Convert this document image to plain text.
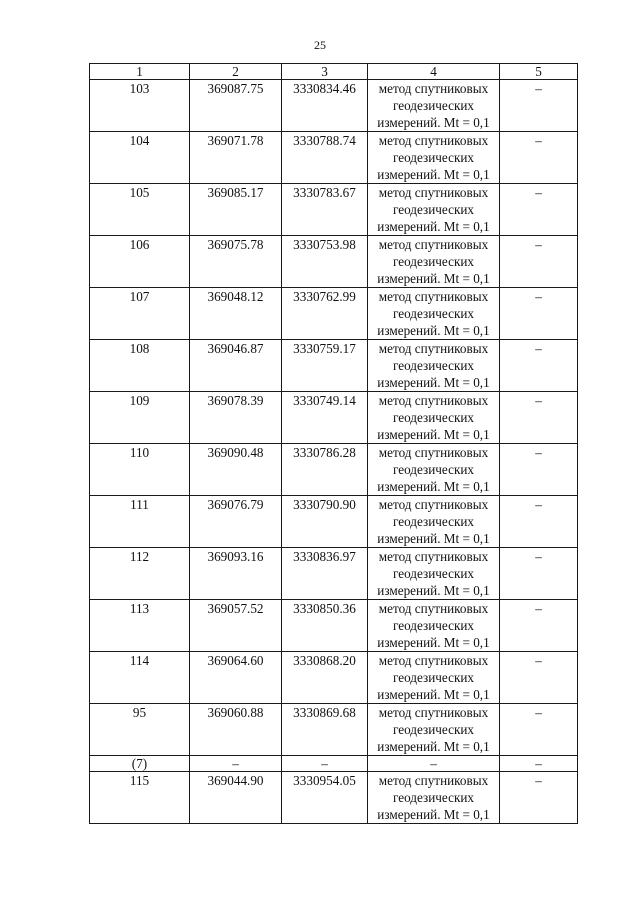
25
1	2	3	4	5
103	369087.75	3330834.46	метод спутниковых
геодезических
измерений. Mt = 0,1	–
104	369071.78	3330788.74	метод спутниковых
геодезических
измерений. Mt = 0,1	–
105	369085.17	3330783.67	метод спутниковых
геодезических
измерений. Mt = 0,1	–
106	369075.78	3330753.98	метод спутниковых
геодезических
измерений. Mt = 0,1	–
107	369048.12	3330762.99	метод спутниковых
геодезических
измерений. Mt = 0,1	–
108	369046.87	3330759.17	метод спутниковых
геодезических
измерений. Mt = 0,1	–
109	369078.39	3330749.14	метод спутниковых
геодезических
измерений. Mt = 0,1	–
110	369090.48	3330786.28	метод спутниковых
геодезических
измерений. Mt = 0,1	–
111	369076.79	3330790.90	метод спутниковых
геодезических
измерений. Mt = 0,1	–
112	369093.16	3330836.97	метод спутниковых
геодезических
измерений. Mt = 0,1	–
113	369057.52	3330850.36	метод спутниковых
геодезических
измерений. Mt = 0,1	–
114	369064.60	3330868.20	метод спутниковых
геодезических
измерений. Mt = 0,1	–
95	369060.88	3330869.68	метод спутниковых
геодезических
измерений. Mt = 0,1	–
(7)	–	–	–	–
115	369044.90	3330954.05	метод спутниковых
геодезических
измерений. Mt = 0,1	–
